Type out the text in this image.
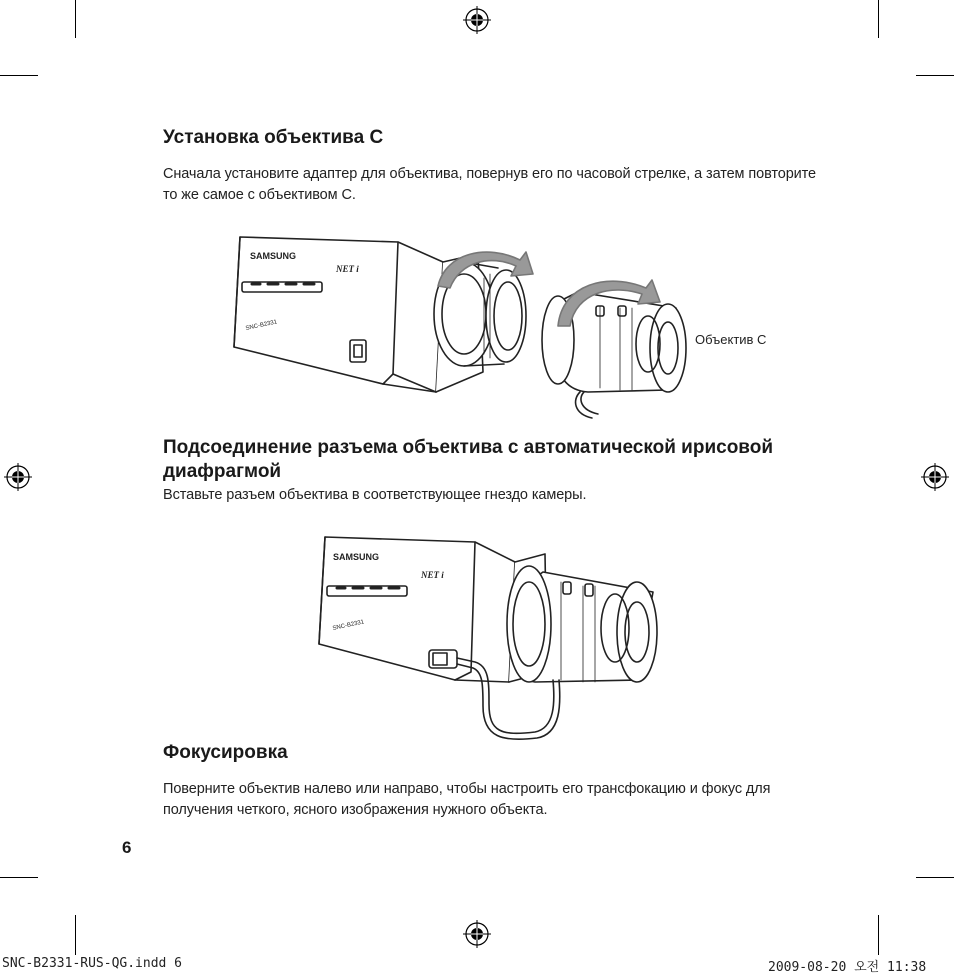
Установка объектива С

Сначала установите адаптер для объектива, повернув его по часовой стрелке, а затем повторите то же самое с объективом С.

SAMSUNG
NET i
SNC-B2331
Объектив С
Подсоединение разъема объектива с автоматической ирисовой диафрагмой

Вставьте разъем объектива в соответствующее гнездо камеры.

SAMSUNG
NET i
SNC-B2331
Фокусировка

Поверните объектив налево или направо, чтобы настроить его трансфокацию и фокус для получения четкого, ясного изображения нужного объекта.

6
SNC-B2331-RUS-QG.indd 6	2009-08-20 오전 11:38
